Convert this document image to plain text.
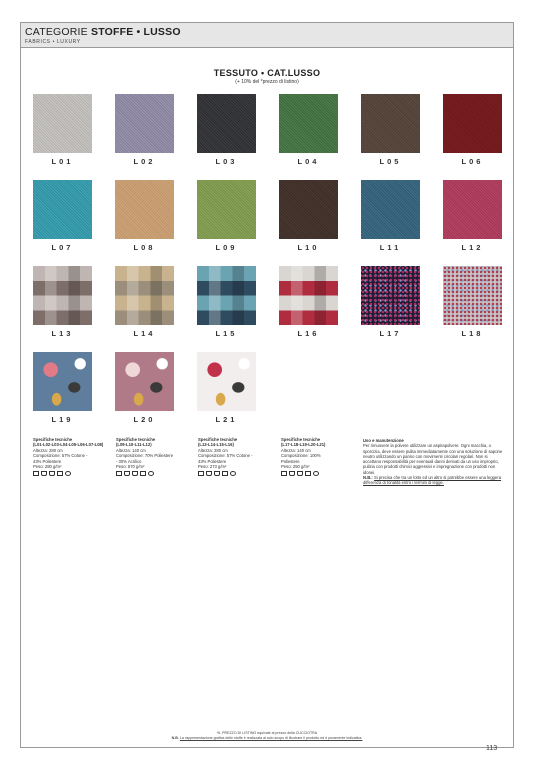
CATEGORIE STOFFE • LUSSO
FABRICS • LUXURY
TESSUTO • CAT.LUSSO
(+ 10% del *prezzo di listino)
L01	L02	L03	L04	L05	L06
L07	L08	L09	L10	L11	L12
L13	L14	L15	L16	L17	L18
L19	L20	L21
Specifiche tecniche
(L01-L02-L03-L04-L05-L06-L07-L08)
Altezza: 280 cm
Composizione: 57% Cotone -
43% Poliestere
Peso: 280 g/m²
Specifiche tecniche
(L09-L10-L11-L12)
Altezza: 140 cm
Composizione: 70% Poliestere
- 30% Acrilico
Peso: 670 g/m²
Specifiche tecniche
(L13-L14-L15-L16)
Altezza: 280 cm
Composizione: 57% Cotone -
43% Poliestere
Peso: 273 g/m²
Specifiche tecniche
(L17-L18-L19-L20-L21)
Altezza: 140 cm
Composizione: 100%
Poliestere
Peso: 250 g/m²
Uso e manutenzione
Per rimuovere la polvere utilizzare un aspirapolvere. Ogni macchia, o sporcizia, deve essere pulita immediatamente con una soluzione di sapone neutro utilizzando un panno con movimenti circolari regolari. Non si accettano responsabilità per eventuali danni derivati da un uso improprio, pulizia con prodotti chimici aggressivi e impregnazione con prodotti non idonei.
N.B.: Si precisa che tra un lotto ed un altro si potrebbe essere una leggera differenza di tonalità entro i termini di legge.
*IL PREZZO DI LISTINO equivale al prezzo della CUCCIOTRA
N.B. La rappresentazione grafica delle stoffe è realizzata al solo scopo di illustrare il prodotto ed è puramente indicativa.
113
